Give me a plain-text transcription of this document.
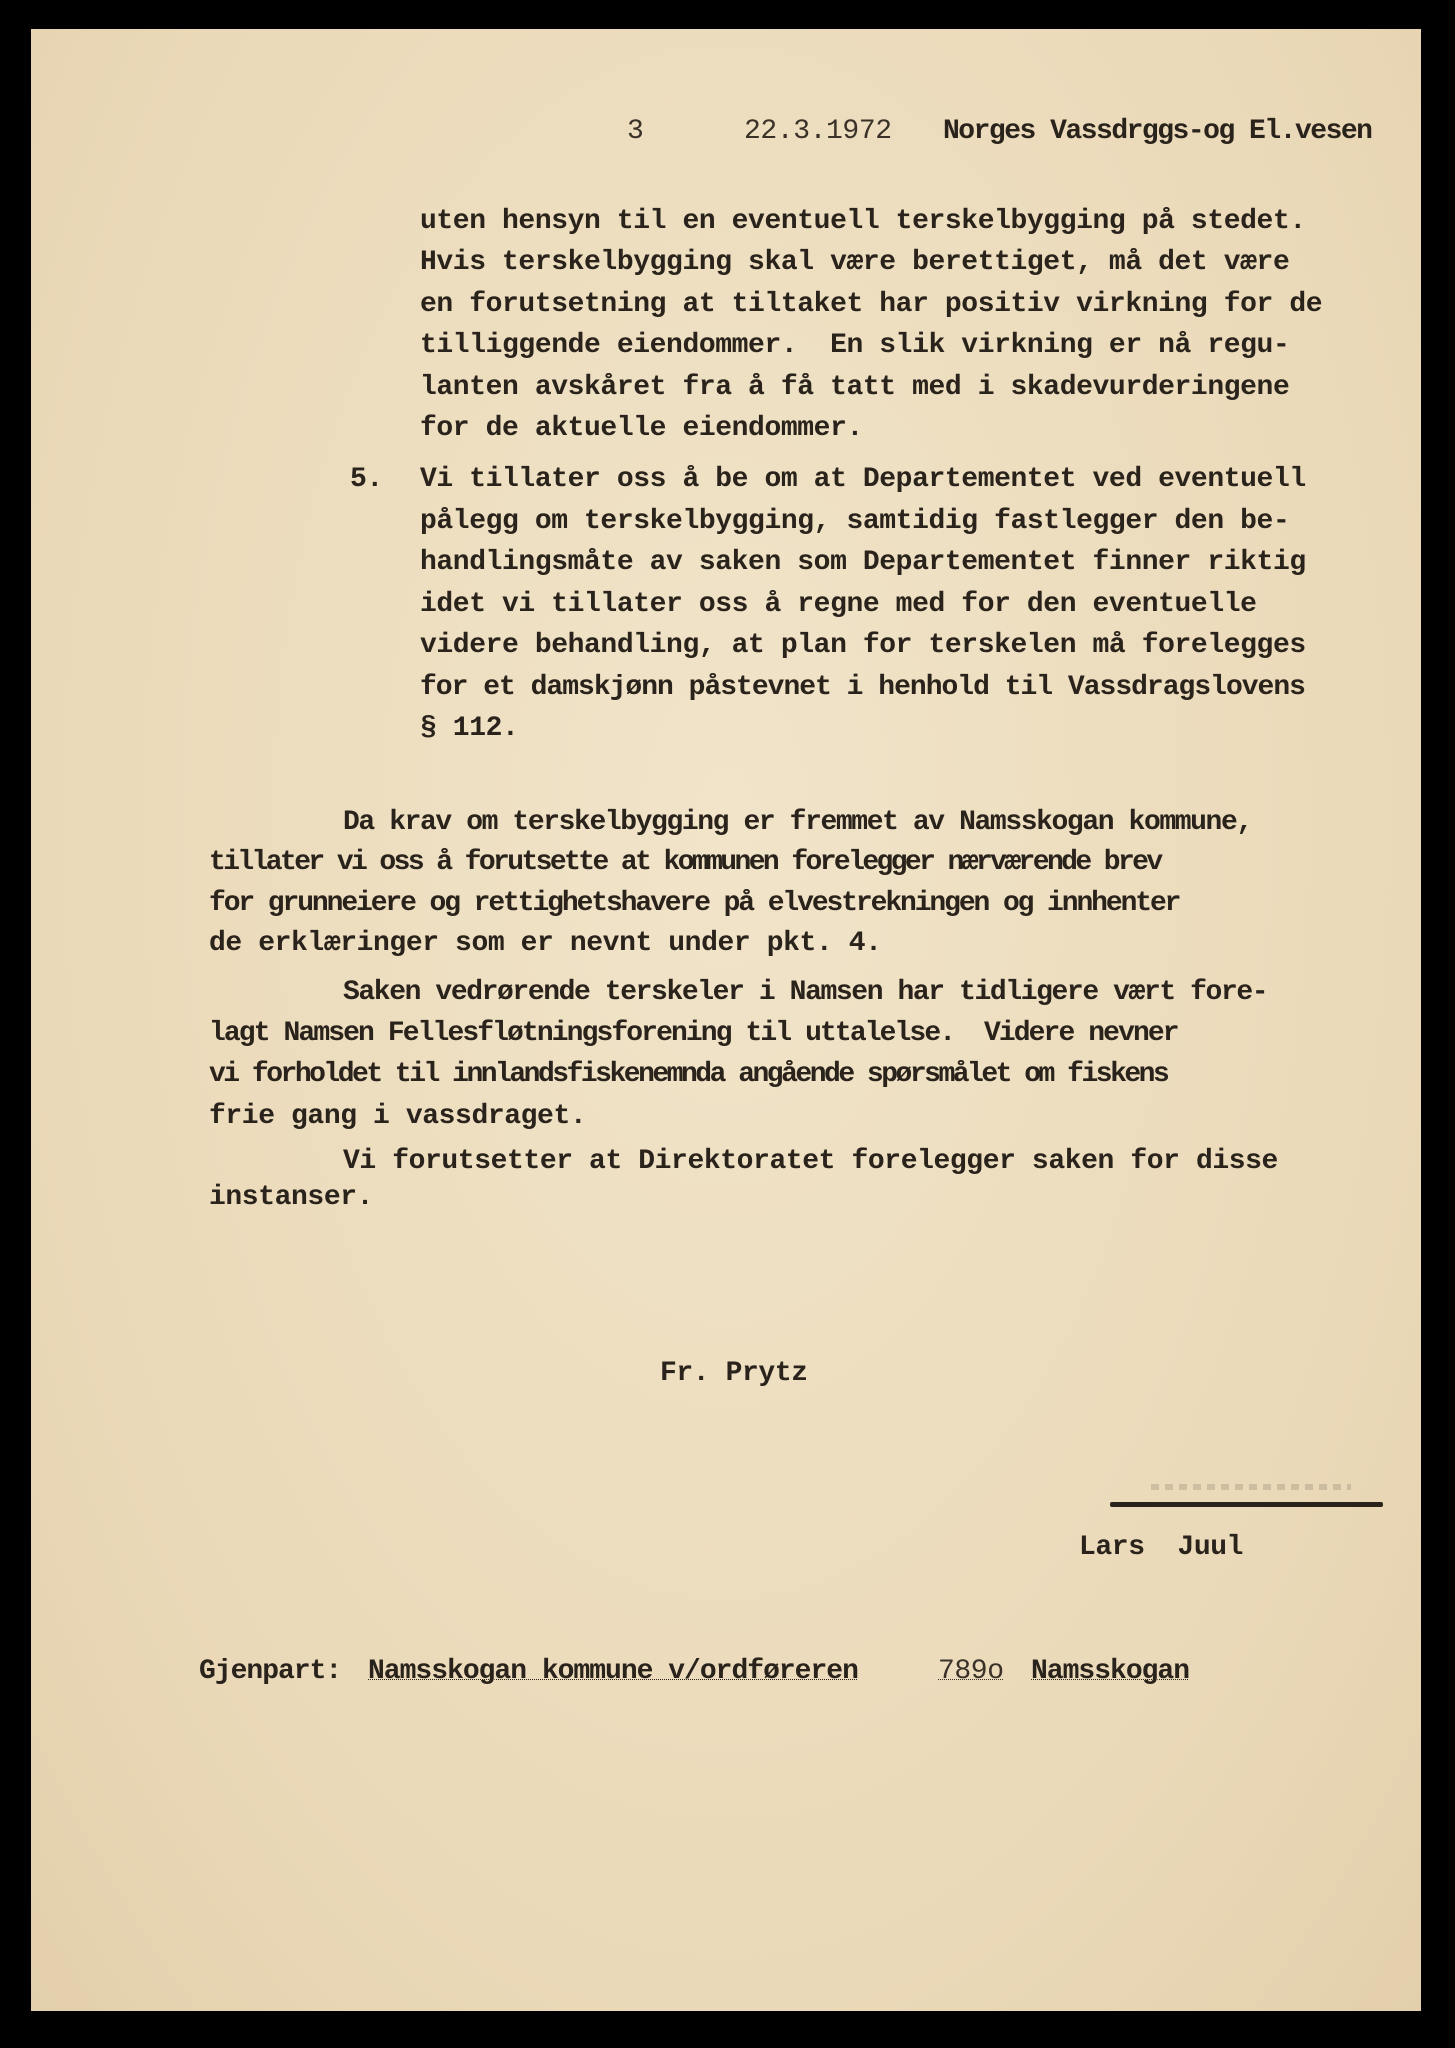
3	22.3.1972 Norges Vassdrggs-og El.vesen
uten hensyn til en eventuell terskelbygging på stedet.
Hvis terskelbygging skal være berettiget, må det være
en forutsetning at tiltaket har positiv virkning for de
tilliggende eiendommer.  En slik virkning er nå regu-
lanten avskåret fra å få tatt med i skadevurderingene
for de aktuelle eiendommer.
5. Vi tillater oss å be om at Departementet ved eventuell
pålegg om terskelbygging, samtidig fastlegger den be-
handlingsmåte av saken som Departementet finner riktig
idet vi tillater oss å regne med for den eventuelle
videre behandling, at plan for terskelen må forelegges
for et damskjønn påstevnet i henhold til Vassdragslovens
§ 112.
Da krav om terskelbygging er fremmet av Namsskogan kommune,
tillater vi oss å forutsette at kommunen forelegger nærværende brev
for grunneiere og rettighetshavere på elvestrekningen og innhenter
de erklæringer som er nevnt under pkt. 4.
Saken vedrørende terskeler i Namsen har tidligere vært fore-
lagt Namsen Fellesfløtningsforening til uttalelse.  Videre nevner
vi forholdet til innlandsfiskenemnda angående spørsmålet om fiskens
frie gang i vassdraget.
Vi forutsetter at Direktoratet forelegger saken for disse
instanser.
Fr. Prytz
Lars  Juul
Gjenpart: Namsskogan kommune v/ordføreren	789o Namsskogan
